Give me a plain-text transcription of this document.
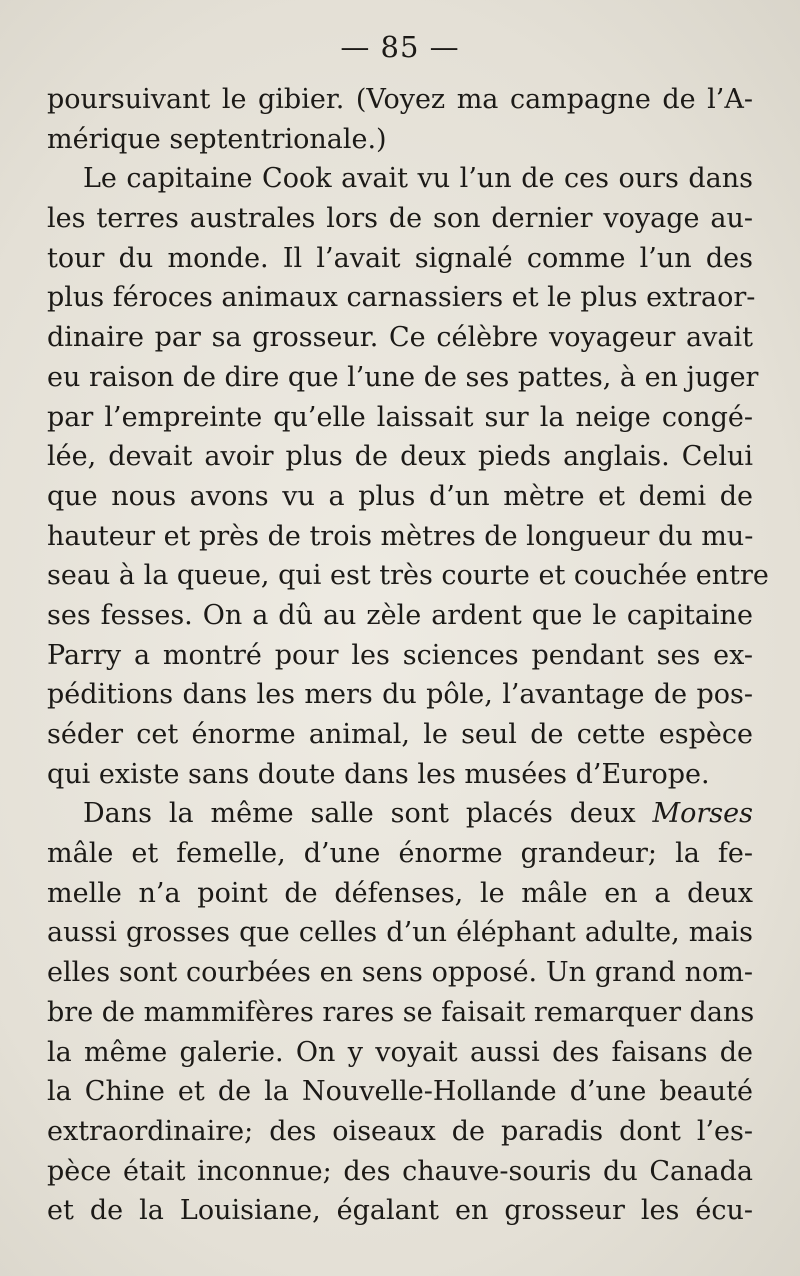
— 85 —
poursuivant le gibier. (Voyez ma campagne de l’A-
mérique septentrionale.)
Le capitaine Cook avait vu l’un de ces ours dans
les terres australes lors de son dernier voyage au-
tour du monde. Il l’avait signalé comme l’un des
plus féroces animaux carnassiers et le plus extraor-
dinaire par sa grosseur. Ce célèbre voyageur avait
eu raison de dire que l’une de ses pattes, à en juger
par l’empreinte qu’elle laissait sur la neige congé-
lée, devait avoir plus de deux pieds anglais. Celui
que nous avons vu a plus d’un mètre et demi de
hauteur et près de trois mètres de longueur du mu-
seau à la queue, qui est très courte et couchée entre
ses fesses. On a dû au zèle ardent que le capitaine
Parry a montré pour les sciences pendant ses ex-
péditions dans les mers du pôle, l’avantage de pos-
séder cet énorme animal, le seul de cette espèce
qui existe sans doute dans les musées d’Europe.
Dans la même salle sont placés deux Morses
mâle et femelle, d’une énorme grandeur; la fe-
melle n’a point de défenses, le mâle en a deux
aussi grosses que celles d’un éléphant adulte, mais
elles sont courbées en sens opposé. Un grand nom-
bre de mammifères rares se faisait remarquer dans
la même galerie. On y voyait aussi des faisans de
la Chine et de la Nouvelle-Hollande d’une beauté
extraordinaire; des oiseaux de paradis dont l’es-
pèce était inconnue; des chauve-souris du Canada
et de la Louisiane, égalant en grosseur les écu-
